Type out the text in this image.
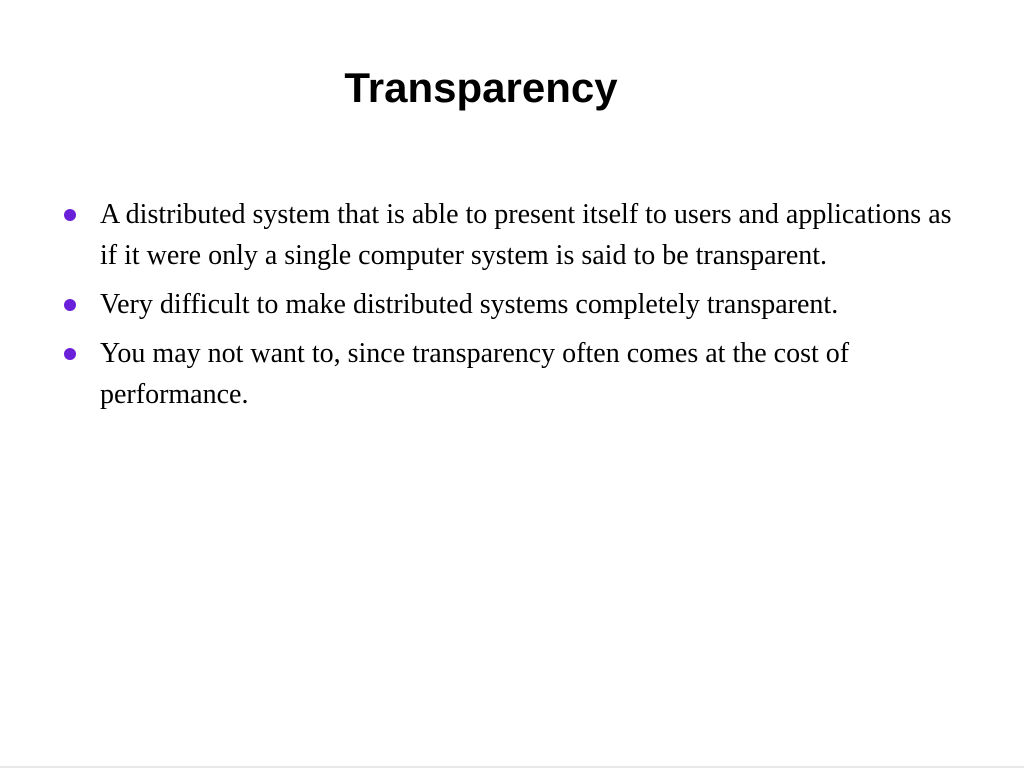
Transparency
A distributed system that is able to present itself to users and applications as if it were only a single computer system is said to be transparent.
Very difficult to make distributed systems completely transparent.
You may not want to, since transparency often comes at the cost of performance.
